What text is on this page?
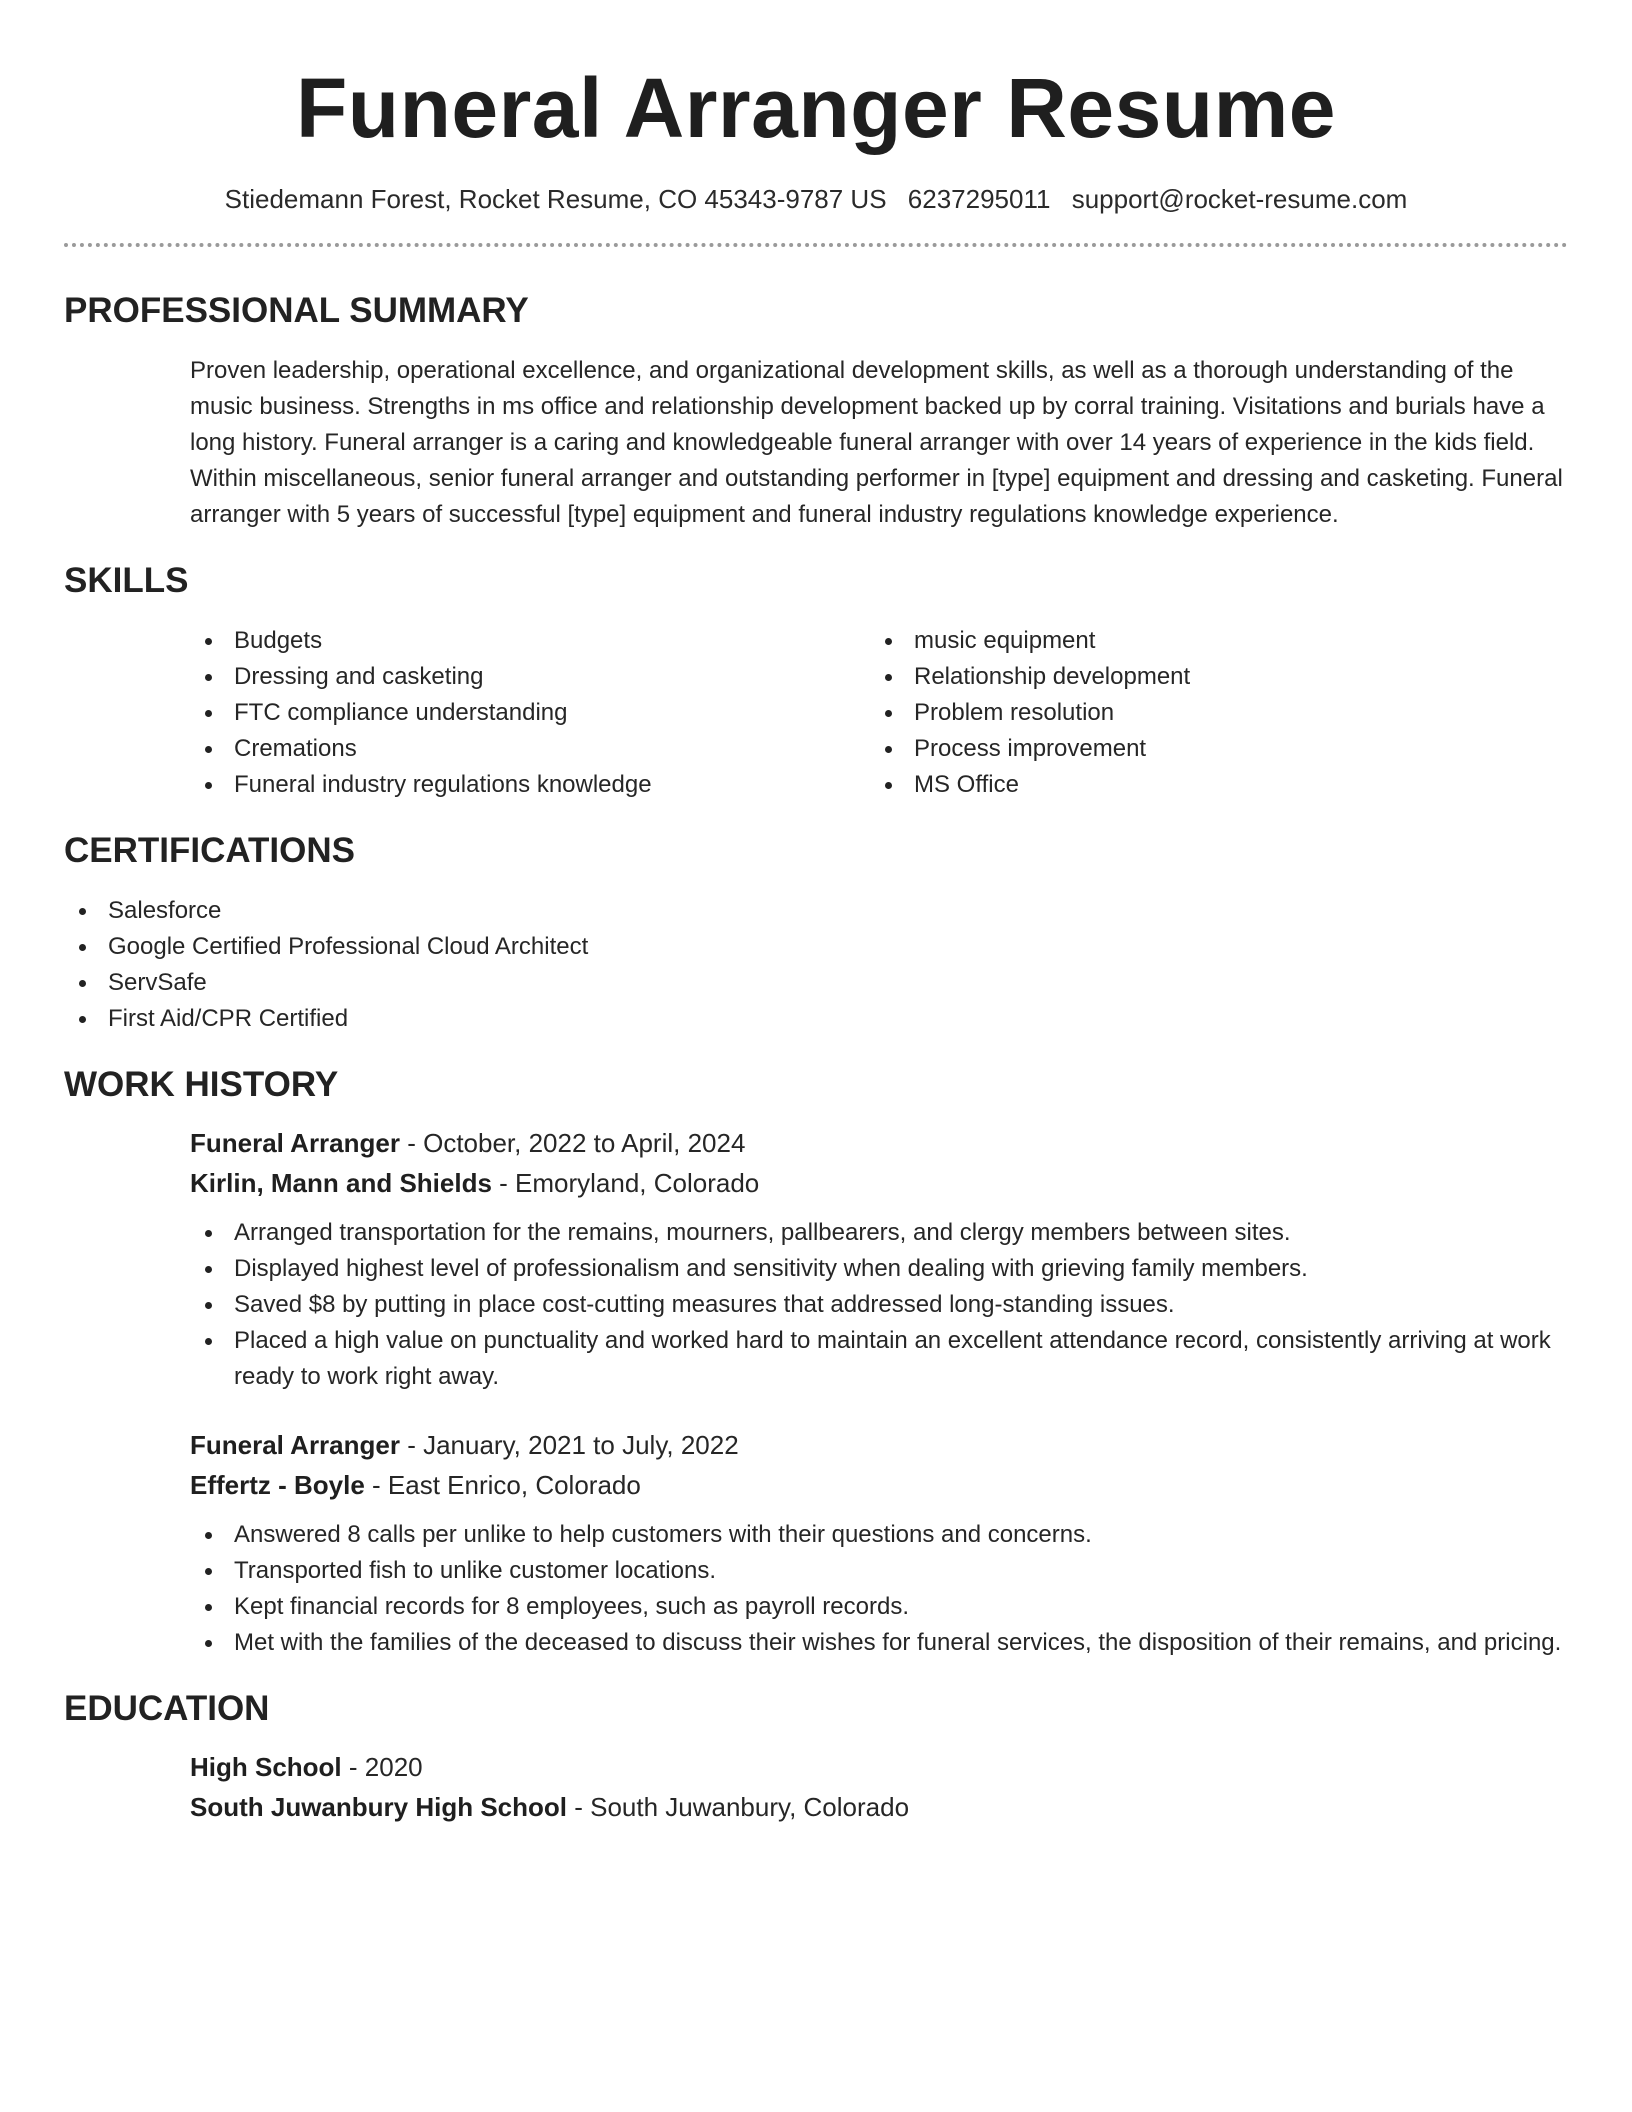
Funeral Arranger Resume
Stiedemann Forest, Rocket Resume, CO 45343-9787 US 6237295011 support@rocket-resume.com
PROFESSIONAL SUMMARY
Proven leadership, operational excellence, and organizational development skills, as well as a thorough understanding of the music business. Strengths in ms office and relationship development backed up by corral training. Visitations and burials have a long history. Funeral arranger is a caring and knowledgeable funeral arranger with over 14 years of experience in the kids field. Within miscellaneous, senior funeral arranger and outstanding performer in [type] equipment and dressing and casketing. Funeral arranger with 5 years of successful [type] equipment and funeral industry regulations knowledge experience.
SKILLS
Budgets
Dressing and casketing
FTC compliance understanding
Cremations
Funeral industry regulations knowledge
music equipment
Relationship development
Problem resolution
Process improvement
MS Office
CERTIFICATIONS
Salesforce
Google Certified Professional Cloud Architect
ServSafe
First Aid/CPR Certified
WORK HISTORY
Funeral Arranger - October, 2022 to April, 2024
Kirlin, Mann and Shields - Emoryland, Colorado
Arranged transportation for the remains, mourners, pallbearers, and clergy members between sites.
Displayed highest level of professionalism and sensitivity when dealing with grieving family members.
Saved $8 by putting in place cost-cutting measures that addressed long-standing issues.
Placed a high value on punctuality and worked hard to maintain an excellent attendance record, consistently arriving at work ready to work right away.
Funeral Arranger - January, 2021 to July, 2022
Effertz - Boyle - East Enrico, Colorado
Answered 8 calls per unlike to help customers with their questions and concerns.
Transported fish to unlike customer locations.
Kept financial records for 8 employees, such as payroll records.
Met with the families of the deceased to discuss their wishes for funeral services, the disposition of their remains, and pricing.
EDUCATION
High School - 2020
South Juwanbury High School - South Juwanbury, Colorado
